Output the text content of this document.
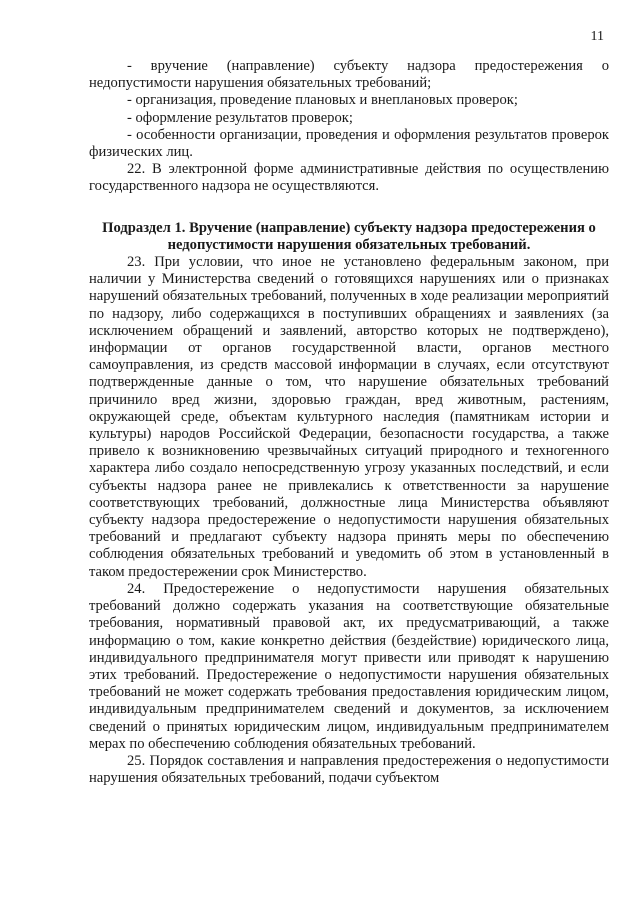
11

- вручение (направление) субъекту надзора предостережения о недопустимости нарушения обязательных требований;

- организация, проведение плановых и внеплановых проверок;

- оформление результатов проверок;

- особенности организации, проведения и оформления результатов проверок физических лиц.

22. В электронной форме административные действия по осуществлению государственного надзора не осуществляются.

Подраздел 1. Вручение (направление) субъекту надзора предостережения о недопустимости нарушения обязательных требований.

23. При условии, что иное не установлено федеральным законом, при наличии у Министерства сведений о готовящихся нарушениях или о признаках нарушений обязательных требований, полученных в ходе реализации мероприятий по надзору, либо содержащихся в поступивших обращениях и заявлениях (за исключением обращений и заявлений, авторство которых не подтверждено), информации от органов государственной власти, органов местного самоуправления, из средств массовой информации в случаях, если отсутствуют подтвержденные данные о том, что нарушение обязательных требований причинило вред жизни, здоровью граждан, вред животным, растениям, окружающей среде, объектам культурного наследия (памятникам истории и культуры) народов Российской Федерации, безопасности государства, а также привело к возникновению чрезвычайных ситуаций природного и техногенного характера либо создало непосредственную угрозу указанных последствий, и если субъекты надзора ранее не привлекались к ответственности за нарушение соответствующих требований, должностные лица Министерства объявляют субъекту надзора предостережение о недопустимости нарушения обязательных требований и предлагают субъекту надзора принять меры по обеспечению соблюдения обязательных требований и уведомить об этом в установленный в таком предостережении срок Министерство.

24. Предостережение о недопустимости нарушения обязательных требований должно содержать указания на соответствующие обязательные требования, нормативный правовой акт, их предусматривающий, а также информацию о том, какие конкретно действия (бездействие) юридического лица, индивидуального предпринимателя могут привести или приводят к нарушению этих требований. Предостережение о недопустимости нарушения обязательных требований не может содержать требования предоставления юридическим лицом, индивидуальным предпринимателем сведений и документов, за исключением сведений о принятых юридическим лицом, индивидуальным предпринимателем мерах по обеспечению соблюдения обязательных требований.

25. Порядок составления и направления предостережения о недопустимости нарушения обязательных требований, подачи субъектом
